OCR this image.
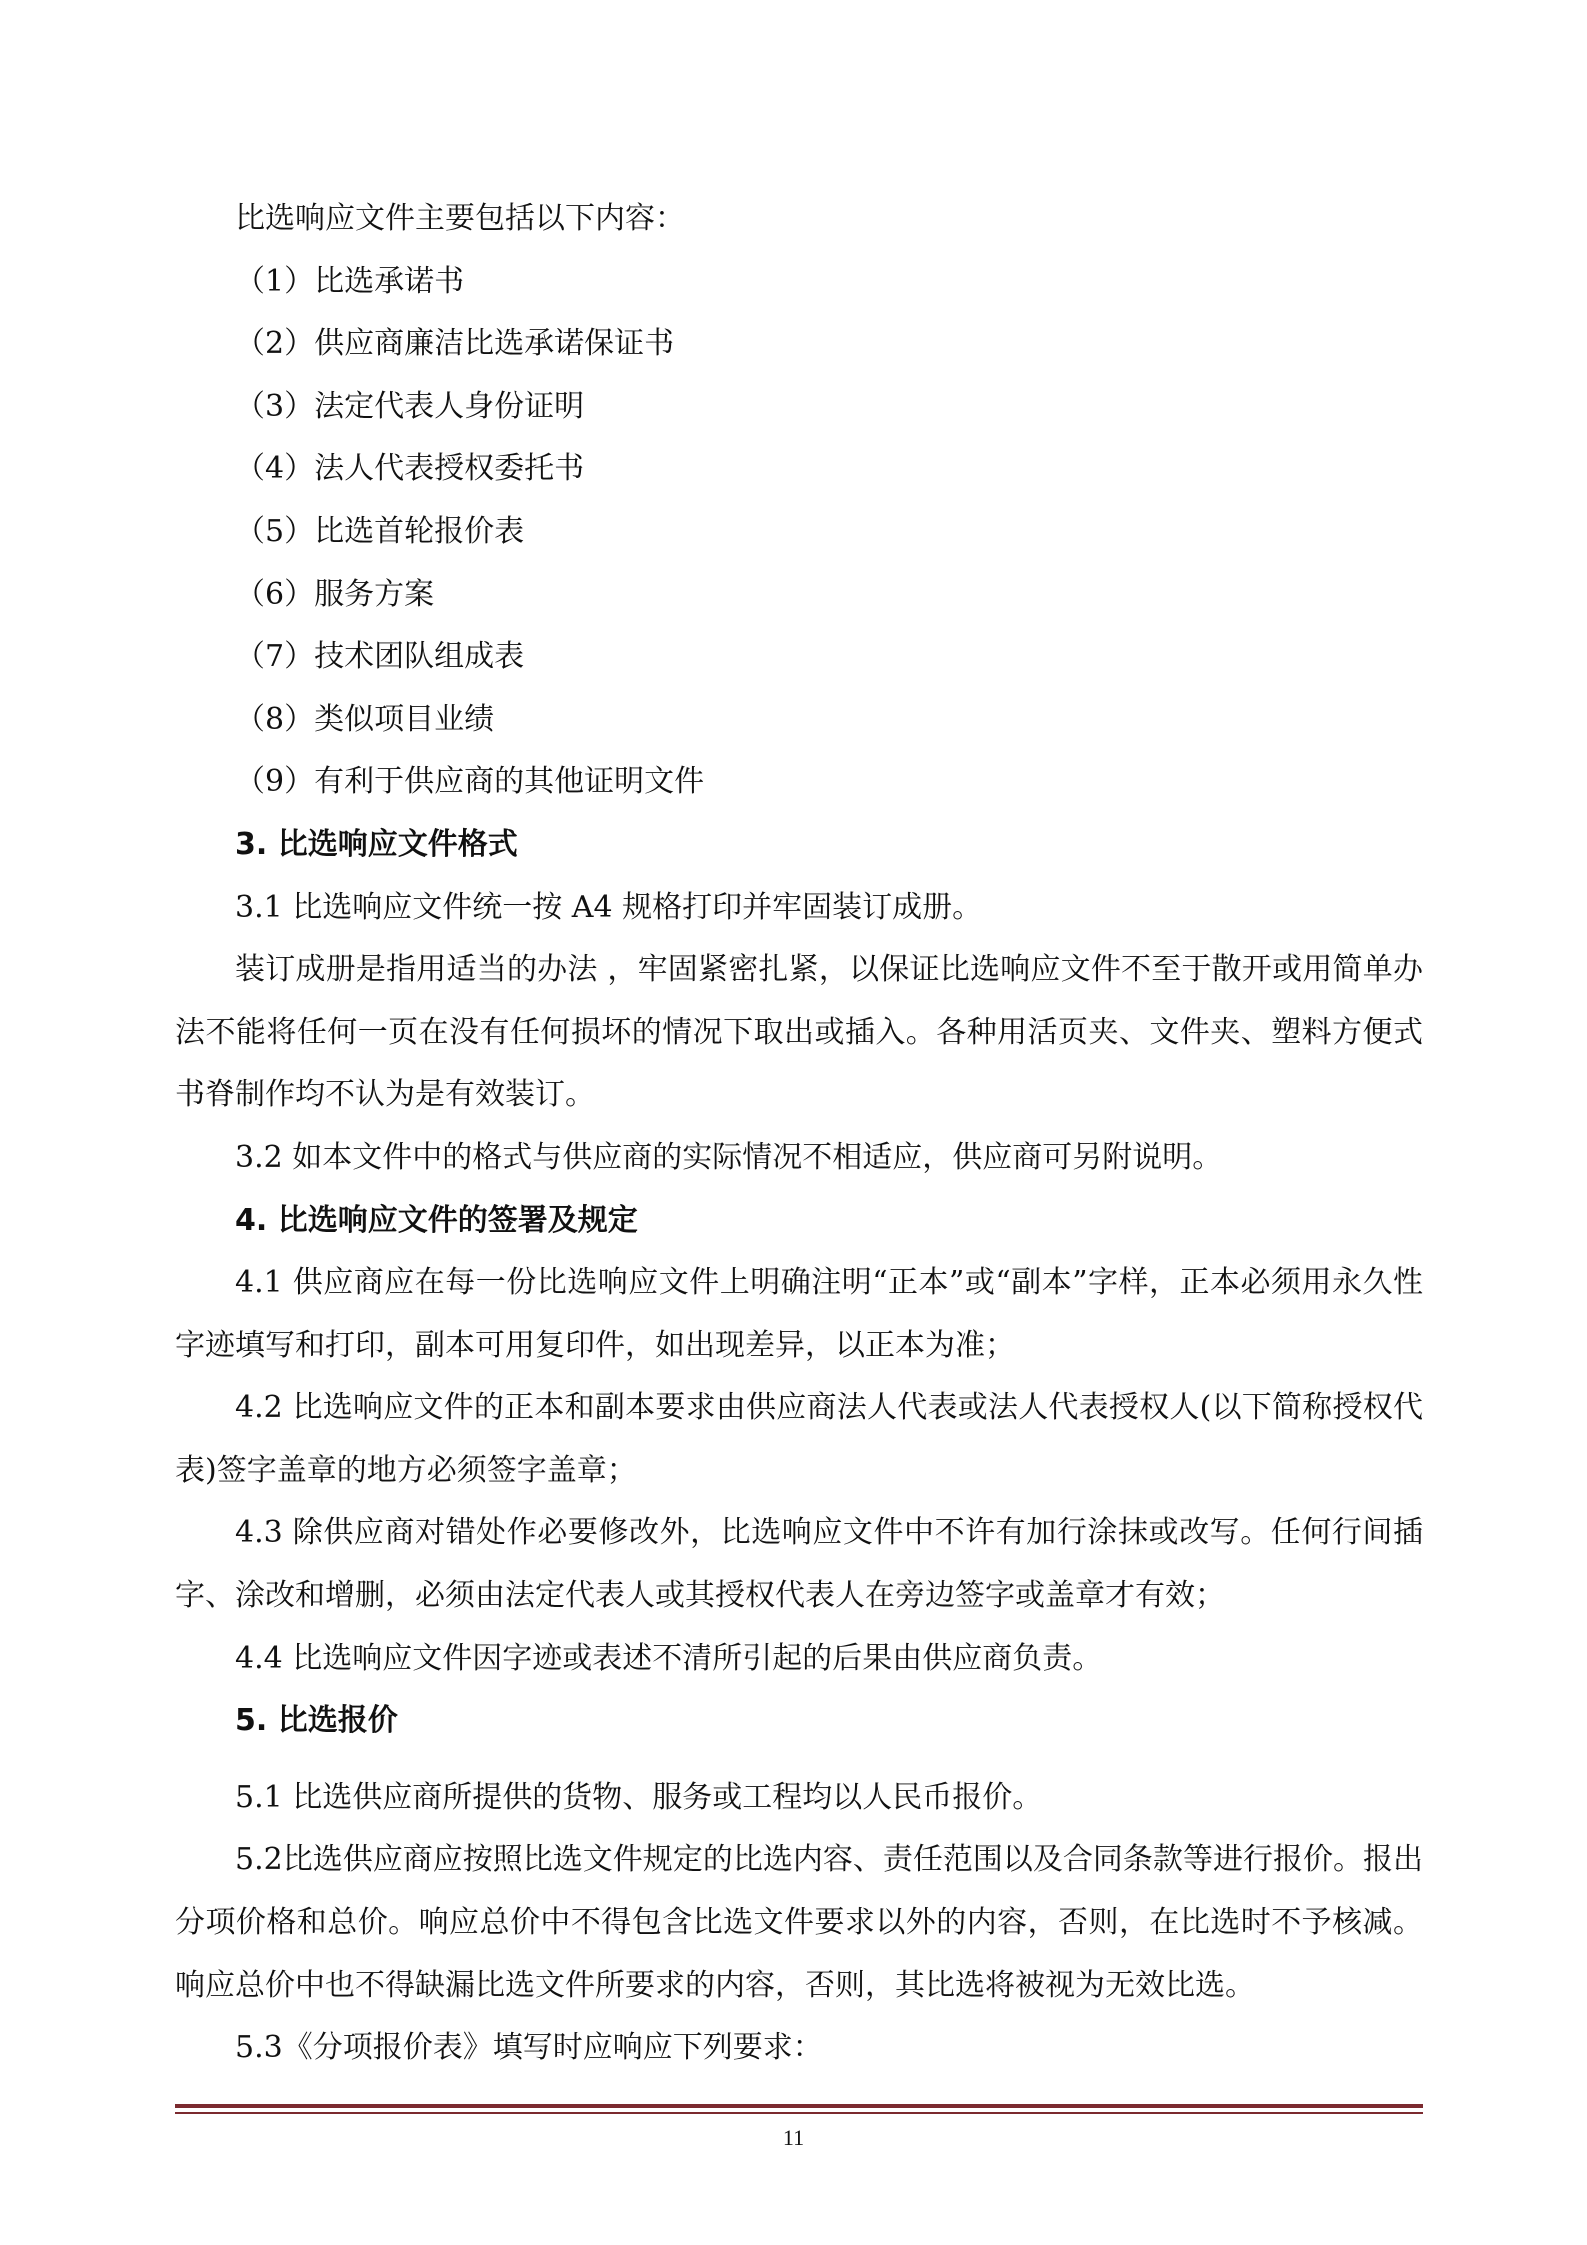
比选响应文件主要包括以下内容：

（1）比选承诺书

（2）供应商廉洁比选承诺保证书

（3）法定代表人身份证明

（4）法人代表授权委托书

（5）比选首轮报价表

（6）服务方案

（7）技术团队组成表

（8）类似项目业绩

（9）有利于供应商的其他证明文件

3. 比选响应文件格式

3.1 比选响应文件统一按 A4 规格打印并牢固装订成册。

装订成册是指用适当的办法 ，牢固紧密扎紧，以保证比选响应文件不至于散开或用简单办法不能将任何一页在没有任何损坏的情况下取出或插入。各种用活页夹、文件夹、塑料方便式书脊制作均不认为是有效装订。

3.2 如本文件中的格式与供应商的实际情况不相适应，供应商可另附说明。

4. 比选响应文件的签署及规定

4.1 供应商应在每一份比选响应文件上明确注明“正本”或“副本”字样，正本必须用永久性字迹填写和打印，副本可用复印件，如出现差异，以正本为准；

4.2 比选响应文件的正本和副本要求由供应商法人代表或法人代表授权人(以下简称授权代表)签字盖章的地方必须签字盖章；

4.3 除供应商对错处作必要修改外，比选响应文件中不许有加行涂抹或改写。任何行间插字、涂改和增删，必须由法定代表人或其授权代表人在旁边签字或盖章才有效；

4.4 比选响应文件因字迹或表述不清所引起的后果由供应商负责。

5. 比选报价

5.1 比选供应商所提供的货物、服务或工程均以人民币报价。

5.2比选供应商应按照比选文件规定的比选内容、责任范围以及合同条款等进行报价。报出分项价格和总价。响应总价中不得包含比选文件要求以外的内容，否则，在比选时不予核减。响应总价中也不得缺漏比选文件所要求的内容，否则，其比选将被视为无效比选。

5.3《分项报价表》填写时应响应下列要求：

11
